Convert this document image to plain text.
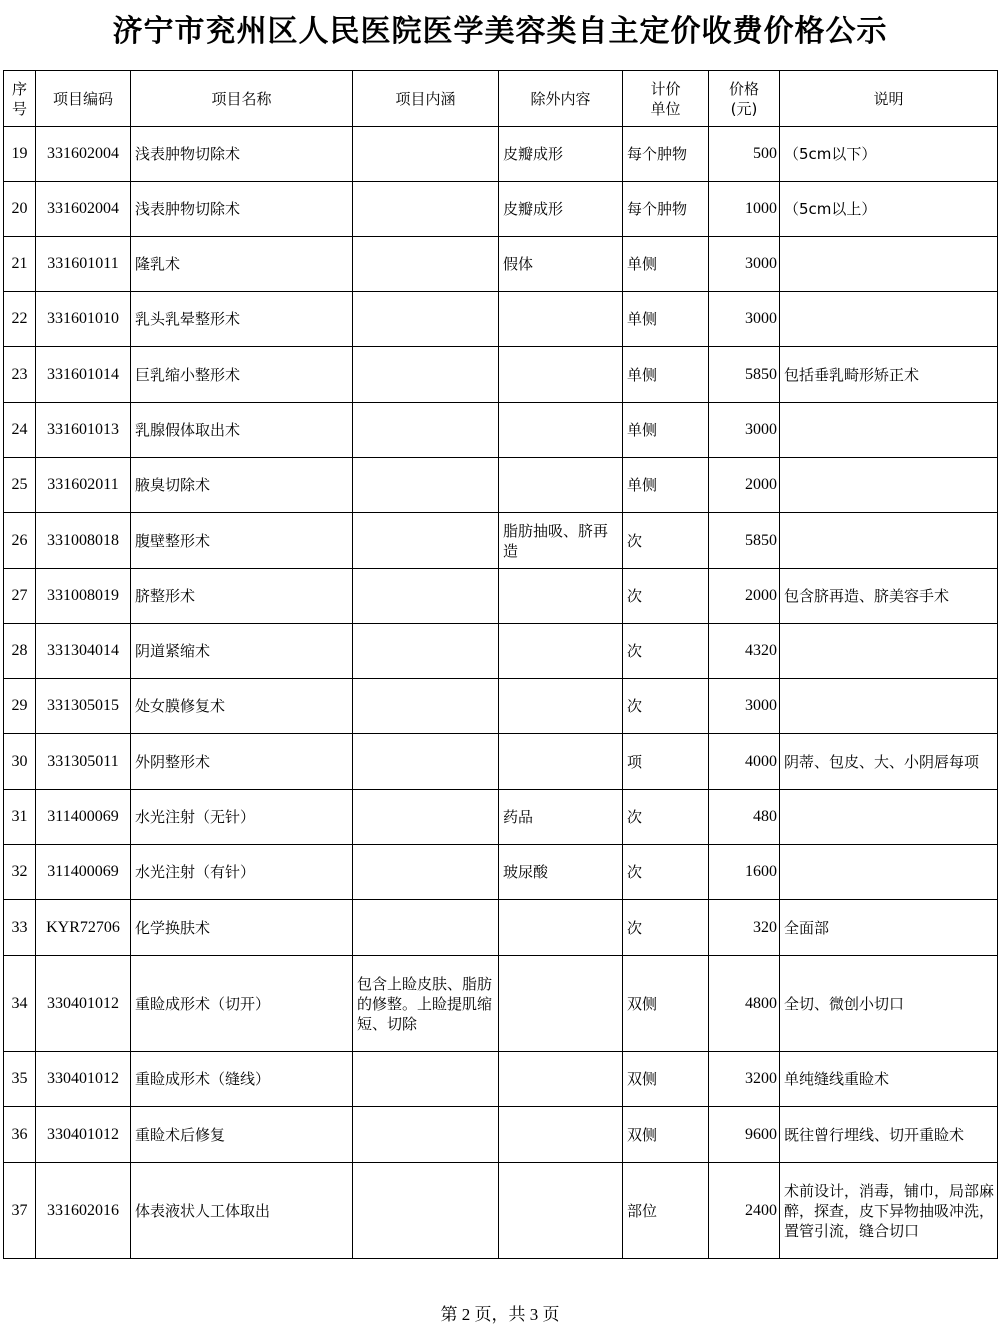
济宁市兖州区人民医院医学美容类自主定价收费价格公示
序号	项目编码	项目名称	项目内涵	除外内容	计价单位	价格(元)	说明
19	331602004	浅表肿物切除术		皮瓣成形	每个肿物	500	（5cm以下）
20	331602004	浅表肿物切除术		皮瓣成形	每个肿物	1000	（5cm以上）
21	331601011	隆乳术		假体	单侧	3000	
22	331601010	乳头乳晕整形术			单侧	3000	
23	331601014	巨乳缩小整形术			单侧	5850	包括垂乳畸形矫正术
24	331601013	乳腺假体取出术			单侧	3000	
25	331602011	腋臭切除术			单侧	2000	
26	331008018	腹壁整形术		脂肪抽吸、脐再造	次	5850	
27	331008019	脐整形术			次	2000	包含脐再造、脐美容手术
28	331304014	阴道紧缩术			次	4320	
29	331305015	处女膜修复术			次	3000	
30	331305011	外阴整形术			项	4000	阴蒂、包皮、大、小阴唇每项
31	311400069	水光注射（无针）		药品	次	480	
32	311400069	水光注射（有针）		玻尿酸	次	1600	
33	KYR72706	化学换肤术			次	320	全面部
34	330401012	重睑成形术（切开）	包含上睑皮肤、脂肪的修整。上睑提肌缩短、切除		双侧	4800	全切、微创小切口
35	330401012	重睑成形术（缝线）			双侧	3200	单纯缝线重睑术
36	330401012	重睑术后修复			双侧	9600	既往曾行埋线、切开重睑术
37	331602016	体表液状人工体取出			部位	2400	术前设计，消毒，铺巾，局部麻醉，探查，皮下异物抽吸冲洗，置管引流，缝合切口
第 2 页，共 3 页
